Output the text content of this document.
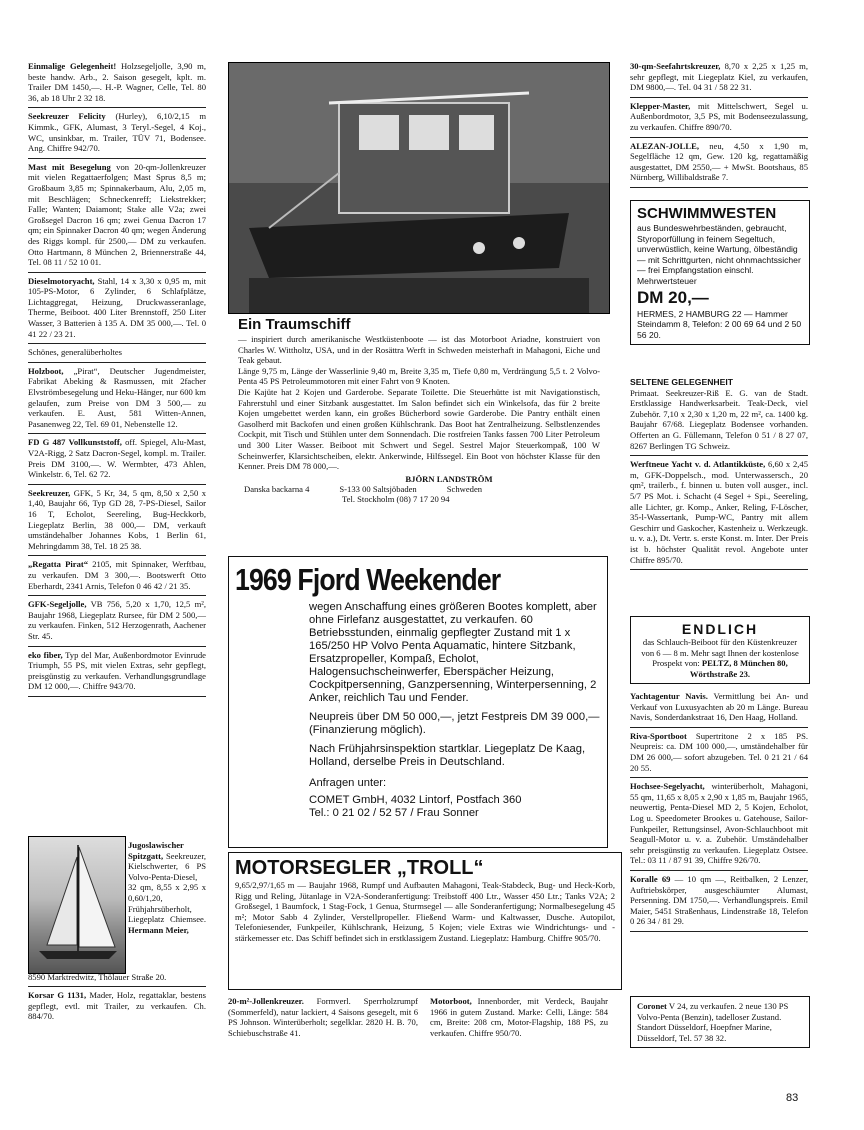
Einmalige Gelegenheit! Holzsegeljolle, 3,90 m, beste handw. Arb., 2. Saison gesegelt, kplt. m. Trailer DM 1450,—. H.-P. Wagner, Celle, Tel. 80 36, ab 18 Uhr 2 32 18.
Seekreuzer Felicity (Hurley), 6,10/2,15 m Kimmk., GFK, Alumast, 3 Teryl.-Segel, 4 Koj., WC, unsinkbar, m. Trailer, TÜV 71, Bodensee. Ang. Chiffre 942/70.
Mast mit Besegelung von 20-qm-Jollenkreuzer mit vielen Regattaerfolgen; Mast Sprus 8,5 m; Großbaum 3,85 m; Spinnakerbaum, Alu, 2,05 m, mit Beschlägen; Schneckenreff; Liekstrekker; Falle; Wanten; Daiamont; Stake alle V2a; zwei Großsegel Dacron 16 qm; zwei Genua Dacron 17 qm; ein Spinnaker Dacron 40 qm; wegen Änderung des Riggs kompl. für 2500,— DM zu verkaufen. Otto Hartmann, 8 München 2, Briennerstraße 44, Tel. 08 11 / 52 10 01.
Dieselmotoryacht, Stahl, 14 x 3,30 x 0,95 m, mit 105-PS-Motor, 6 Zylinder, 6 Schlafplätze, Lichtaggregat, Heizung, Druckwasseranlage, Therme, Beiboot. 400 Liter Brennstoff, 250 Liter Wasser, 3 Batterien à 135 A. DM 35 000,—. Tel. 0 41 22 / 23 21.
Schönes, generalüberholtes
Holzboot, „Pirat“, Deutscher Jugendmeister, Fabrikat Abeking & Rasmussen, mit 2facher Elvströmbesegelung und Heku-Hänger, nur 600 km gelaufen, zum Preise von DM 3 500,— zu verkaufen. E. Aust, 581 Witten-Annen, Pasanenweg 22, Tel. 69 01, Nebenstelle 12.
FD G 487 Vollkunststoff, off. Spiegel, Alu-Mast, V2A-Rigg, 2 Satz Dacron-Segel, kompl. m. Trailer. Preis DM 3100,—. W. Wermbter, 473 Ahlen, Winkelstr. 6, Tel. 62 72.
Seekreuzer, GFK, 5 Kr, 34, 5 qm, 8,50 x 2,50 x 1,40, Baujahr 66, Typ GD 28, 7-PS-Diesel, Sailor 16 T, Echolot, Seereling, Bug-Heckkorb, Liegeplatz Berlin, 38 000,— DM, verkauft umständehalber Johannes Kobs, 1 Berlin 61, Mehringdamm 38, Tel. 18 25 38.
„Regatta Pirat“ 2105, mit Spinnaker, Werftbau, zu verkaufen. DM 3 300,—. Bootswerft Otto Eberhardt, 2341 Arnis, Telefon 0 46 42 / 21 35.
GFK-Segeljolle, VB 756, 5,20 x 1,70, 12,5 m², Baujahr 1968, Liegeplatz Rursee, für DM 2 500,— zu verkaufen. Finken, 512 Herzogenrath, Aachener Str. 45.
eko fiber, Typ del Mar, Außenbordmotor Evinrude Triumph, 55 PS, mit vielen Extras, sehr gepflegt, preisgünstig zu verkaufen. Verhandlungsgrundlage DM 12 000,—. Chiffre 943/70.
Jugoslawischer Spitzgatt, Seekreuzer, Kielschwerter, 6 PS Volvo-Penta-Diesel, 32 qm, 8,55 x 2,95 x 0,60/1,20, Frühjahrsüberholt, Liegeplatz Chiemsee. Hermann Meier,
8590 Marktredwitz, Thölauer Straße 20.
Korsar G 1131, Mader, Holz, regattaklar, bestens gepflegt, evtl. mit Trailer, zu verkaufen. Ch. 884/70.
Ein Traumschiff
— inspiriert durch amerikanische Westküstenboote — ist das Motorboot Ariadne, konstruiert von Charles W. Wittholtz, USA, und in der Rosättra Werft in Schweden meisterhaft in Mahagoni, Eiche und Teak gebaut.
Länge 9,75 m, Länge der Wasserlinie 9,40 m, Breite 3,35 m, Tiefe 0,80 m, Verdrängung 5,5 t. 2 Volvo-Penta 45 PS Petroleummotoren mit einer Fahrt von 9 Knoten.
Die Kajüte hat 2 Kojen und Garderobe. Separate Toilette. Die Steuerhütte ist mit Navigationstisch, Fahrerstuhl und einer Sitzbank ausgestattet. Im Salon befindet sich ein Winkelsofa, das für 2 breite Kojen umgebettet werden kann, ein großes Bücherbord sowie Garderobe. Die Pantry enthält einen Gasolherd mit Backofen und einen großen Kühlschrank. Das Boot hat Zentralheizung. Selbstlenzendes Cockpit, mit Tisch und Stühlen unter dem Sonnendach. Die rostfreien Tanks fassen 700 Liter Petroleum und 300 Liter Wasser. Beiboot mit Schwert und Segel. Sestrel Major Steuerkompaß, 100 W Scheinwerfer, Klarsichtscheiben, elektr. Ankerwinde, Hilfssegel. Ein Boot von höchster Klasse für den Kenner. Preis DM 78 000,—.
BJÖRN LANDSTRÖM
Danska backarna 4	S-133 00 Saltsjöbaden	Schweden
Tel. Stockholm (08) 7 17 20 94
1969 Fjord Weekender
wegen Anschaffung eines größeren Bootes komplett, aber ohne Firlefanz ausgestattet, zu verkaufen. 60 Betriebsstunden, einmalig gepflegter Zustand mit 1 x 165/250 HP Volvo Penta Aquamatic, hintere Sitzbank, Ersatzpropeller, Kompaß, Echolot, Halogensuchscheinwerfer, Eberspächer Heizung, Cockpitpersenning, Ganzpersenning, Winterpersenning, 2 Anker, reichlich Tau und Fender.
Neupreis über DM 50 000,—, jetzt Festpreis DM 39 000,— (Finanzierung möglich).
Nach Frühjahrsinspektion startklar. Liegeplatz De Kaag, Holland, derselbe Preis in Deutschland.
Anfragen unter:
COMET GmbH, 4032 Lintorf, Postfach 360
Tel.: 0 21 02 / 52 57 / Frau Sonner
MOTORSEGLER „TROLL“
9,65/2,97/1,65 m — Baujahr 1968, Rumpf und Aufbauten Mahagoni, Teak-Stabdeck, Bug- und Heck-Korb, Rigg und Reling, Jütanlage in V2A-Sonderanfertigung: Treibstoff 400 Ltr., Wasser 450 Ltr.; Tanks V2A; 2 Großsegel, 1 Baumfock, 1 Stag-Fock, 1 Genua, Sturmsegel — alle Sonderanfertigung; Normalbesegelung 45 m²; Motor Sabb 4 Zylinder, Verstellpropeller. Fließend Warm- und Kaltwasser, Dusche. Autopilot, Telefoniesender, Funkpeiler, Kühlschrank, Heizung, 5 Kojen; viele Extras wie Windrichtungs- und -stärkemesser etc. Das Schiff befindet sich in erstklassigem Zustand. Liegeplatz: Hamburg. Chiffre 905/70.
20-m²-Jollenkreuzer. Formverl. Sperrholzrumpf (Sommerfeld), natur lackiert, 4 Saisons gesegelt, mit 6 PS Johnson. Winterüberholt; segelklar. 2820 H. B. 70, Schiebuschstraße 41.
Motorboot, Innenborder, mit Verdeck, Baujahr 1966 in gutem Zustand. Marke: Celli, Länge: 584 cm, Breite: 208 cm, Motor-Flagship, 188 PS, zu verkaufen. Chiffre 950/70.
30-qm-Seefahrtskreuzer, 8,70 x 2,25 x 1,25 m, sehr gepflegt, mit Liegeplatz Kiel, zu verkaufen, DM 9800,—. Tel. 04 31 / 58 22 31.
Klepper-Master, mit Mittelschwert, Segel u. Außenbordmotor, 3,5 PS, mit Bodenseezulassung, zu verkaufen. Chiffre 890/70.
ALEZAN-JOLLE, neu, 4,50 x 1,90 m, Segelfläche 12 qm, Gew. 120 kg, regattamäßig ausgestattet, DM 2550,— + MwSt. Bootshaus, 85 Nürnberg, Willibaldstraße 7.
SCHWIMMWESTEN
aus Bundeswehrbeständen, gebraucht, Styroporfüllung in feinem Segeltuch, unverwüstlich, keine Wartung, ölbeständig — mit Schrittgurten, nicht ohnmachtssicher — frei Empfangstation einschl. Mehrwertsteuer
DM 20,—
HERMES, 2 HAMBURG 22 — Hammer Steindamm 8, Telefon: 2 00 69 64 und 2 50 56 20.
SELTENE GELEGENHEIT
Primaat. Seekreuzer-Riß E. G. van de Stadt. Erstklassige Handwerksarbeit. Teak-Deck, viel Zubehör. 7,10 x 2,30 x 1,20 m, 22 m², ca. 1400 kg. Baujahr 67/68. Liegeplatz Bodensee vorhanden. Offerten an G. Füllemann, Telefon 0 51 / 8 27 07, 8267 Berlingen TG Schweiz.
Werftneue Yacht v. d. Atlantikküste, 6,60 x 2,45 m, GFK-Doppelsch., mod. Unterwassersch., 20 qm², trailerb., f. binnen u. buten voll ausger., incl. 5/7 PS Mot. i. Schacht (4 Segel + Spi., Seereling, alle Lichter, gr. Komp., Anker, Reling, F-Löscher, 35-l-Wassertank, Pump-WC, Pantry mit allem Geschirr und Gaskocher, Kastenheiz u. Werkzeugk. u. v. a.), Dt. Vertr. s. erste Konst. m. Inter. Der Preis ist b. höchster Qualität revol. Angebote unter Chiffre 895/70.
ENDLICH
das Schlauch-Beiboot für den Küstenkreuzer von 6 — 8 m. Mehr sagt Ihnen der kostenlose Prospekt von: PELTZ, 8 München 80, Wörthstraße 23.
Yachtagentur Navis. Vermittlung bei An- und Verkauf von Luxusyachten ab 20 m Länge. Bureau Navis, Sonderdankstraat 16, Den Haag, Holland.
Riva-Sportboot Supertritone 2 x 185 PS. Neupreis: ca. DM 100 000,—, umständehalber für DM 26 000,— sofort abzugeben. Tel. 0 21 21 / 64 20 55.
Hochsee-Segelyacht, winterüberholt, Mahagoni, 55 qm, 11,65 x 8,05 x 2,90 x 1,85 m, Baujahr 1965, neuwertig, Penta-Diesel MD 2, 5 Kojen, Echolot, Log u. Speedometer Brookes u. Gatehouse, Sailor-Funkpeiler, Rettungsinsel, Avon-Schlauchboot mit Seagull-Motor u. v. a. Zubehör. Umständehalber sehr preisgünstig zu verkaufen. Liegeplatz Ostsee. Tel.: 03 11 / 87 91 39, Chiffre 926/70.
Koralle 69 — 10 qm —, Reitbalken, 2 Lenzer, Auftriebskörper, ausgeschäumter Alumast, Persenning. DM 1750,—. Verhandlungspreis. Emil Maier, 5451 Straßenhaus, Lindenstraße 18, Telefon 0 26 34 / 81 29.
Coronet V 24, zu verkaufen. 2 neue 130 PS Volvo-Penta (Benzin), tadelloser Zustand. Standort Düsseldorf, Hoepfner Marine, Düsseldorf, Tel. 57 38 32.
83
